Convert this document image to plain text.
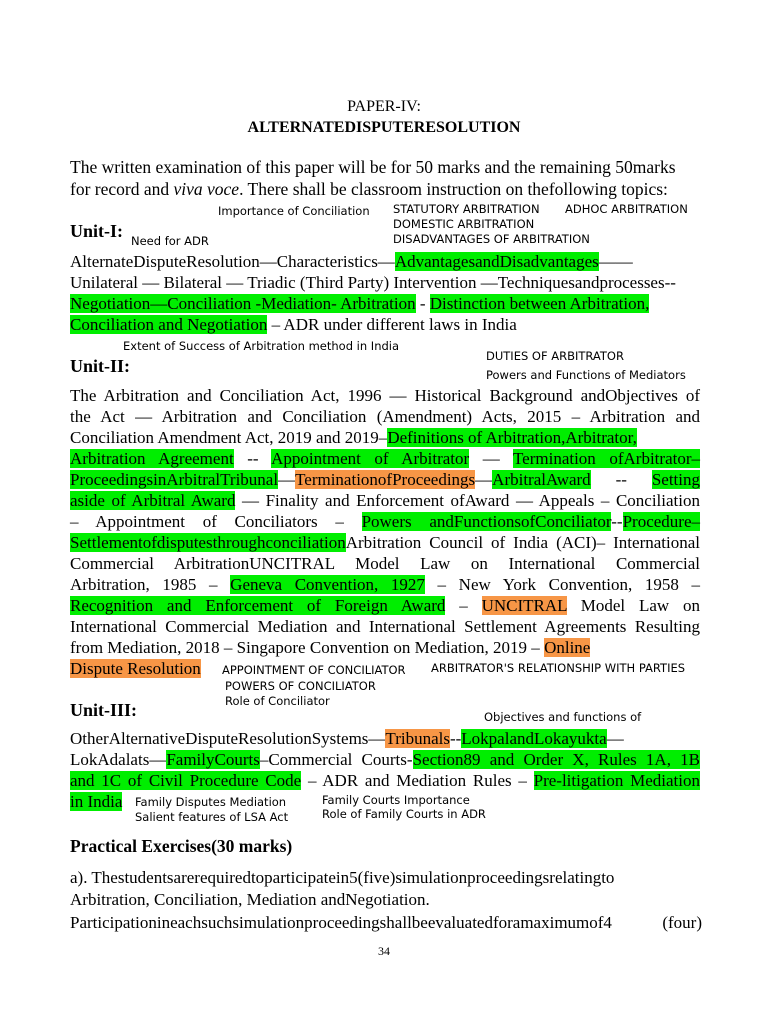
PAPER-IV:
ALTERNATEDISPUTERESOLUTION
The written examination of this paper will be for 50 marks and the remaining 50marks
for record and viva voce. There shall be classroom instruction on thefollowing topics:
Importance of Conciliation STATUTORY ARBITRATION ADHOC ARBITRATION
DOMESTIC ARBITRATION
Unit-I:	DISADVANTAGES OF ARBITRATION
Need for ADR
AlternateDisputeResolution—Characteristics—AdvantagesandDisadvantages——
Unilateral — Bilateral — Triadic (Third Party) Intervention —Techniquesandprocesses--
Negotiation—Conciliation -Mediation- Arbitration - Distinction between Arbitration,
Conciliation and Negotiation – ADR under different laws in India
Extent of Success of Arbitration method in India
DUTIES OF ARBITRATOR
Unit-II:	Powers and Functions of Mediators
The Arbitration and Conciliation Act, 1996 — Historical Background andObjectives of
the Act — Arbitration and Conciliation (Amendment) Acts, 2015 – Arbitration and
Conciliation Amendment Act, 2019 and 2019–Definitions of Arbitration,Arbitrator,
Arbitration Agreement -- Appointment of Arbitrator — Termination ofArbitrator–
ProceedingsinArbitralTribunal—TerminationofProceedings—ArbitralAward -- Setting
aside of Arbitral Award — Finality and Enforcement ofAward — Appeals – Conciliation
– Appointment of Conciliators – Powers andFunctionsofConciliator--Procedure–
SettlementofdisputesthroughconciliationArbitration Council of India (ACI)– International
Commercial ArbitrationUNCITRAL Model Law on International Commercial
Arbitration, 1985 – Geneva Convention, 1927 – New York Convention, 1958 –
Recognition and Enforcement of Foreign Award – UNCITRAL Model Law on
International Commercial Mediation and International Settlement Agreements Resulting
from Mediation, 2018 – Singapore Convention on Mediation, 2019 – Online
Dispute Resolution	APPOINTMENT OF CONCILIATOR ARBITRATOR'S RELATIONSHIP WITH PARTIES
POWERS OF CONCILIATOR
Role of Conciliator
Unit-III:	Objectives and functions of
OtherAlternativeDisputeResolutionSystems—Tribunals--LokpalandLokayukta—
LokAdalats—FamilyCourts–Commercial Courts-Section89 and Order X, Rules 1A, 1B
and 1C of Civil Procedure Code – ADR and Mediation Rules – Pre-litigation Mediation
in India	Family Disputes Mediation
Salient features of LSA Act
Family Courts Importance
Role of Family Courts in ADR
Practical Exercises(30 marks)
a). Thestudentsarerequiredtoparticipatein5(five)simulationproceedingsrelatingto
Arbitration, Conciliation, Mediation andNegotiation.
Participationineachsuchsimulationproceedingshallbeevaluatedforamaximumof4	(four)
34
